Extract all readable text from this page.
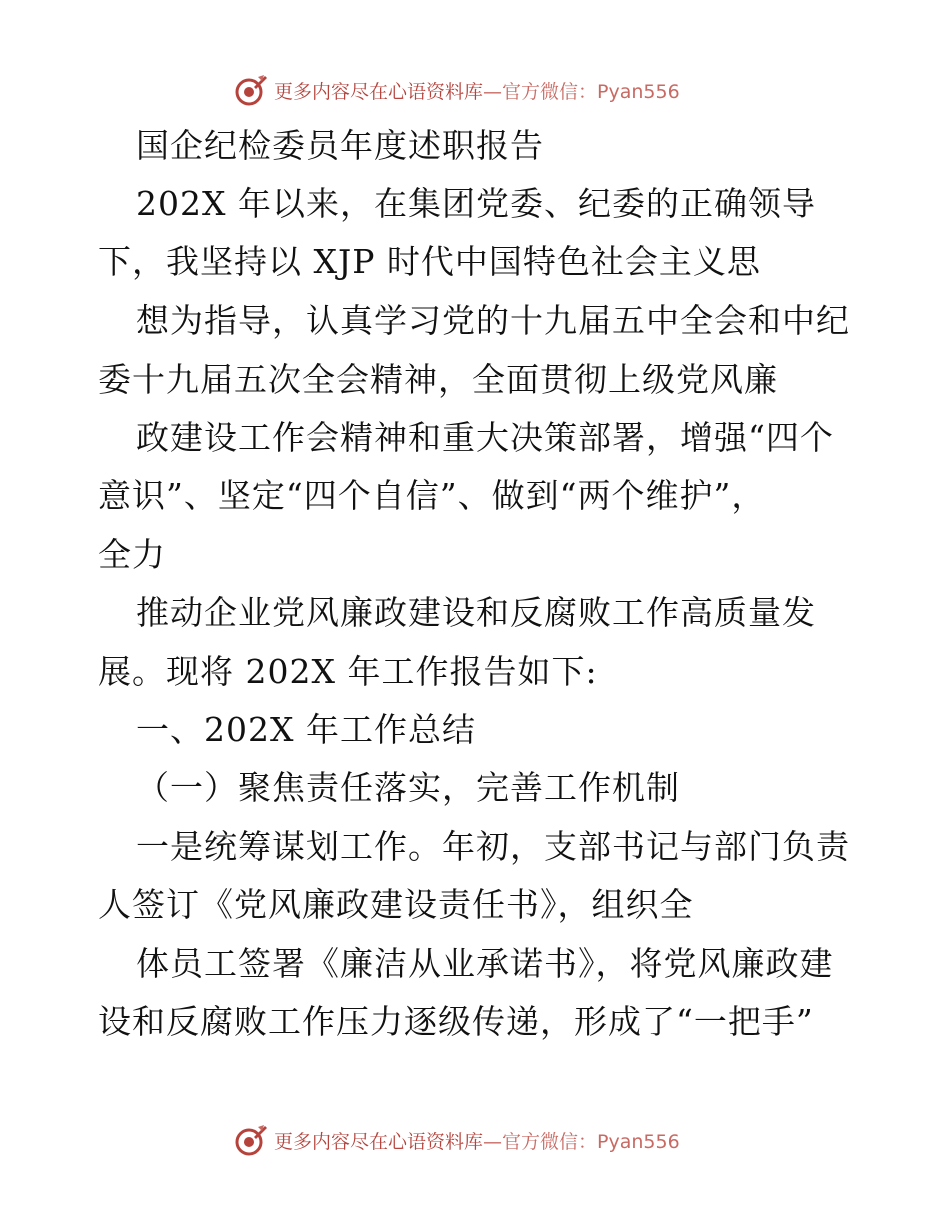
更多内容尽在心语资料库—官方微信：Pyan556
国企纪检委员年度述职报告
202X 年以来，在集团党委、纪委的正确领导
下，我坚持以 XJP 时代中国特色社会主义思
想为指导，认真学习党的十九届五中全会和中纪
委十九届五次全会精神，全面贯彻上级党风廉
政建设工作会精神和重大决策部署，增强“四个
意识”、坚定“四个自信”、做到“两个维护”，
全力
推动企业党风廉政建设和反腐败工作高质量发
展。现将 202X 年工作报告如下:
一、202X 年工作总结
（一）聚焦责任落实，完善工作机制
一是统筹谋划工作。年初，支部书记与部门负责
人签订《党风廉政建设责任书》，组织全
体员工签署《廉洁从业承诺书》，将党风廉政建
设和反腐败工作压力逐级传递，形成了“一把手”
更多内容尽在心语资料库—官方微信：Pyan556
